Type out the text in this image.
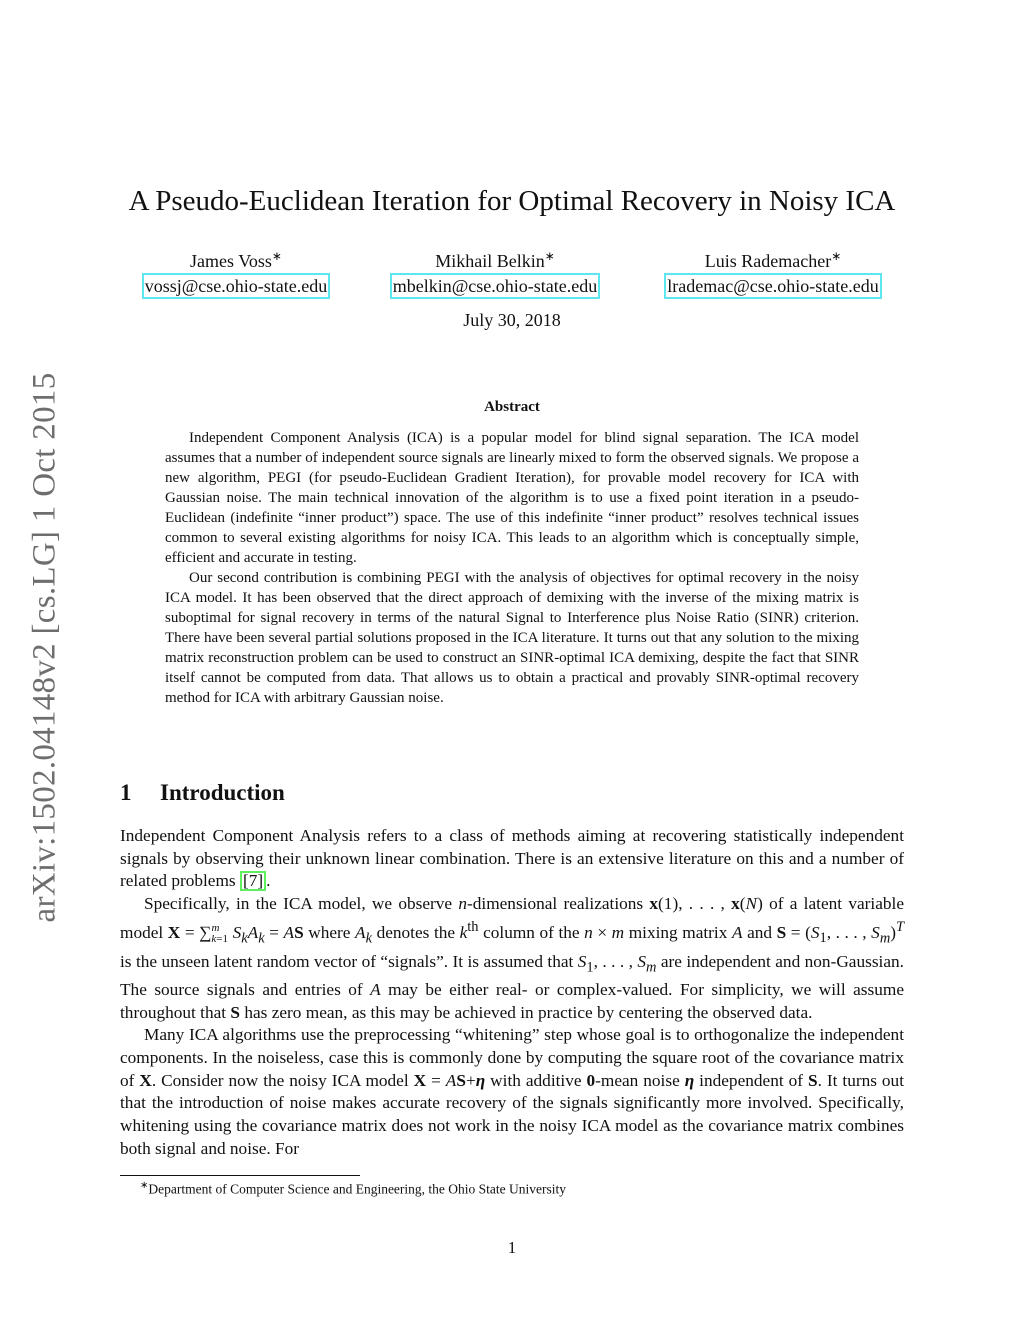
arXiv:1502.04148v2 [cs.LG] 1 Oct 2015
A Pseudo-Euclidean Iteration for Optimal Recovery in Noisy ICA
James Voss∗
vossj@cse.ohio-state.edu
Mikhail Belkin∗
mbelkin@cse.ohio-state.edu
Luis Rademacher∗
lrademac@cse.ohio-state.edu
July 30, 2018
Abstract

Independent Component Analysis (ICA) is a popular model for blind signal separation. The ICA model assumes that a number of independent source signals are linearly mixed to form the observed signals. We propose a new algorithm, PEGI (for pseudo-Euclidean Gradient Iteration), for provable model recovery for ICA with Gaussian noise. The main technical innovation of the algorithm is to use a fixed point iteration in a pseudo-Euclidean (indefinite “inner product”) space. The use of this indefinite “inner product” resolves technical issues common to several existing algorithms for noisy ICA. This leads to an algorithm which is conceptually simple, efficient and accurate in testing.

Our second contribution is combining PEGI with the analysis of objectives for optimal recovery in the noisy ICA model. It has been observed that the direct approach of demixing with the inverse of the mixing matrix is suboptimal for signal recovery in terms of the natural Signal to Interference plus Noise Ratio (SINR) criterion. There have been several partial solutions proposed in the ICA literature. It turns out that any solution to the mixing matrix reconstruction problem can be used to construct an SINR-optimal ICA demixing, despite the fact that SINR itself cannot be computed from data. That allows us to obtain a practical and provably SINR-optimal recovery method for ICA with arbitrary Gaussian noise.

1 Introduction

Independent Component Analysis refers to a class of methods aiming at recovering statistically independent signals by observing their unknown linear combination. There is an extensive literature on this and a number of related problems [7] .

Specifically, in the ICA model, we observe n-dimensional realizations x(1), . . . , x(N) of a latent variable model X = ∑$^m_{k=1}$ $S_kA_k$ = AS where $A_k$ denotes the $k^{th}$ column of the n × m mixing matrix A and $S = (S_1$, . . . , $S_m)^T$ is the unseen latent random vector of “signals”. It is assumed that $S_1$, . . . , $S_m$ are independent and non-Gaussian. The source signals and entries of A may be either real- or complex-valued. For simplicity, we will assume throughout that S has zero mean, as this may be achieved in practice by centering the observed data.

Many ICA algorithms use the preprocessing “whitening” step whose goal is to orthogonalize the independent components. In the noiseless, case this is commonly done by computing the square root of the covariance matrix of X. Consider now the noisy ICA model X = AS+η with additive 0-mean noise η independent of S. It turns out that the introduction of noise makes accurate recovery of the signals significantly more involved. Specifically, whitening using the covariance matrix does not work in the noisy ICA model as the covariance matrix combines both signal and noise. For

∗Department of Computer Science and Engineering, the Ohio State University
1
